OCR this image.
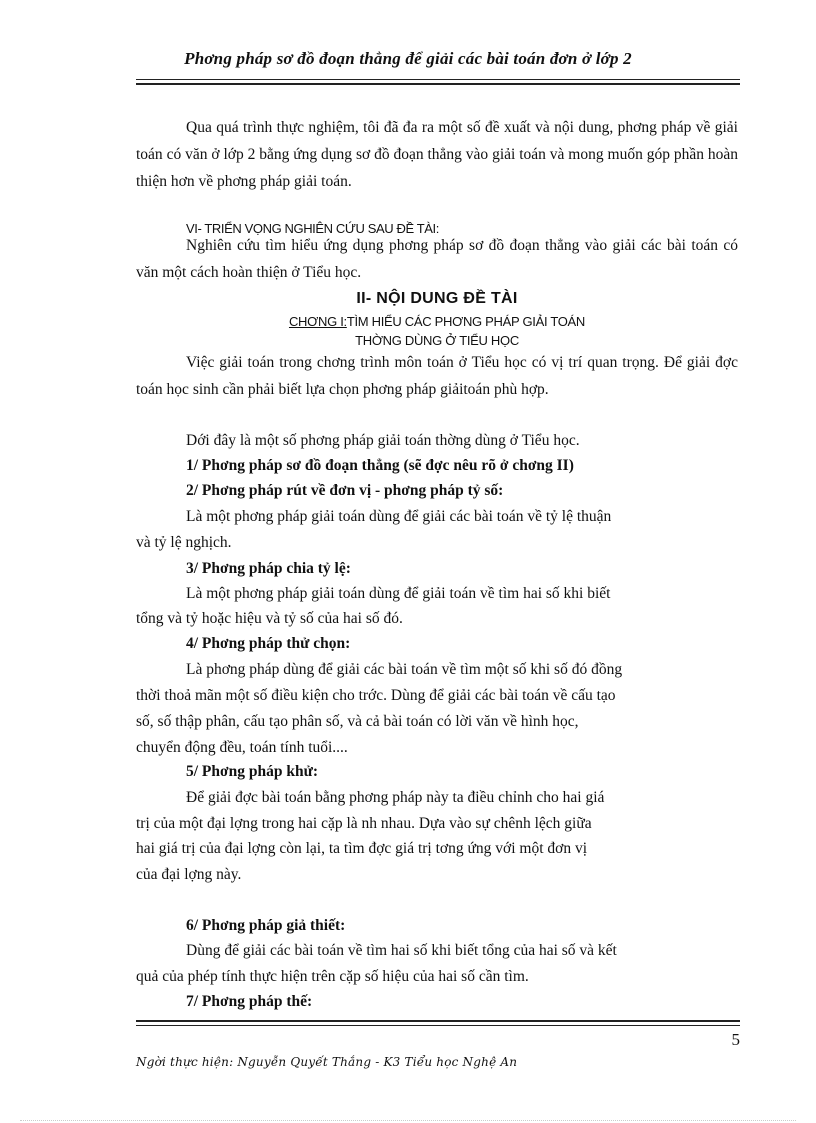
Phơng pháp sơ đồ đoạn thẳng để giải các bài toán đơn ở lớp 2
Qua quá trình thực nghiệm, tôi đã đa ra một số đề xuất và nội dung, phơng pháp về giải toán có văn ở lớp 2 bằng ứng dụng sơ đồ đoạn thẳng vào giải toán và mong muốn góp phần hoàn thiện hơn về phơng pháp giải toán.
VI- TRIỂN VỌNG NGHIÊN CỨU SAU ĐỀ TÀI:
Nghiên cứu tìm hiểu ứng dụng phơng pháp sơ đồ đoạn thẳng vào giải các bài toán có văn một cách hoàn thiện ở Tiểu học.
II- NỘI DUNG ĐỀ TÀI
CHƠNG I:TÌM HIỂU CÁC PHƠNG PHÁP GIẢI TOÁN
THỜNG DÙNG Ở TIỂU HỌC
Việc giải toán trong chơng trình môn toán ở Tiểu học có vị trí quan trọng. Để giải đợc toán học sinh cần phải biết lựa chọn phơng pháp giảitoán phù hợp.
Dới đây là một số phơng pháp giải toán thờng dùng ở Tiểu học.
1/ Phơng pháp sơ đồ đoạn thẳng (sẽ đợc nêu rõ ở chơng II)
2/ Phơng pháp rút về đơn vị - phơng pháp tỷ số:
Là một phơng pháp giải toán dùng để giải các bài toán về tỷ lệ thuận
và tỷ lệ nghịch.
3/ Phơng pháp chia tỷ lệ:
Là một phơng pháp giải toán dùng để giải toán về tìm hai số khi biết
tổng và tỷ hoặc hiệu và tỷ số của hai số đó.
4/ Phơng pháp thử chọn:
Là phơng pháp dùng để giải các bài toán về tìm một số khi số đó đồng
thời thoả mãn một số điều kiện cho trớc. Dùng để giải các bài toán về cấu tạo
số, số thập phân, cấu tạo phân số, và cả bài toán có lời văn về hình học,
chuyển động đều, toán tính tuổi....
5/ Phơng pháp khử:
Để giải đợc bài toán bằng phơng pháp này ta điều chỉnh cho hai giá
trị của một đại lợng trong hai cặp là nh nhau. Dựa vào sự chênh lệch giữa
hai giá trị của đại lợng còn lại, ta tìm đợc giá trị tơng ứng với một đơn vị
của đại lợng này.
6/ Phơng pháp giả thiết:
Dùng để giải các bài toán về tìm hai số khi biết tổng của hai số và kết
quả của phép tính thực hiện trên cặp số hiệu của hai số cần tìm.
7/ Phơng pháp thế:
5
Ngời thực hiện: Nguyễn Quyết Thắng - K3 Tiểu học Nghệ An
